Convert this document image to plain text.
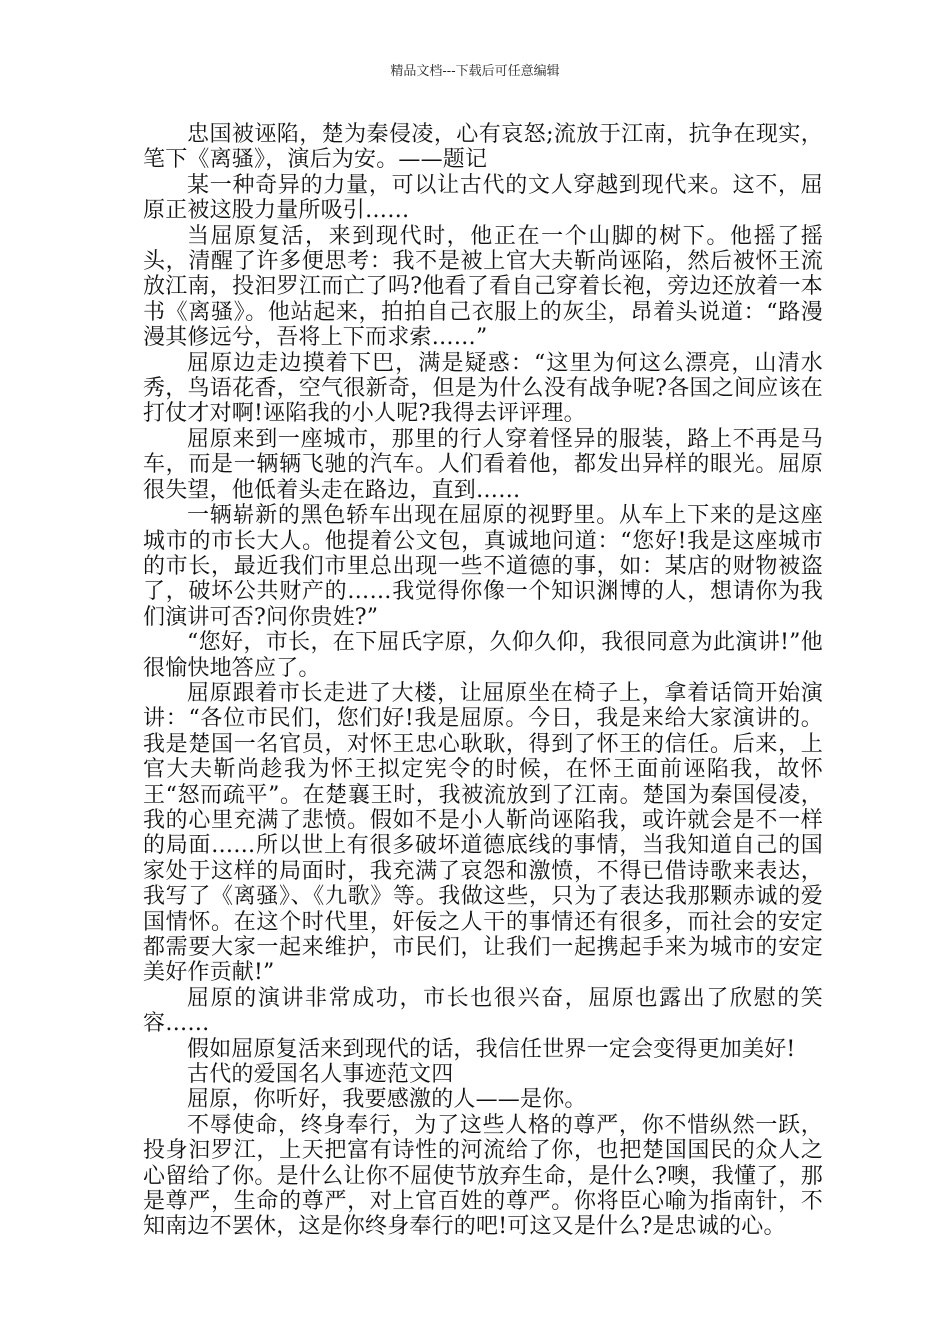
精品文档---下载后可任意编辑

忠国被诬陷，楚为秦侵凌，心有哀怒;流放于江南，抗争在现实，笔下《离骚》，演后为安。——题记

某一种奇异的力量，可以让古代的文人穿越到现代来。这不，屈原正被这股力量所吸引……

当屈原复活，来到现代时，他正在一个山脚的树下。他摇了摇头，清醒了许多便思考：我不是被上官大夫靳尚诬陷，然后被怀王流放江南，投汩罗江而亡了吗?他看了看自己穿着长袍，旁边还放着一本书《离骚》。他站起来，拍拍自己衣服上的灰尘，昂着头说道：“路漫漫其修远兮，吾将上下而求索……”

屈原边走边摸着下巴，满是疑惑：“这里为何这么漂亮，山清水秀，鸟语花香，空气很新奇，但是为什么没有战争呢?各国之间应该在打仗才对啊!诬陷我的小人呢?我得去评评理。

屈原来到一座城市，那里的行人穿着怪异的服装，路上不再是马车，而是一辆辆飞驰的汽车。人们看着他，都发出异样的眼光。屈原很失望，他低着头走在路边，直到……

一辆崭新的黑色轿车出现在屈原的视野里。从车上下来的是这座城市的市长大人。他提着公文包，真诚地问道：“您好!我是这座城市的市长，最近我们市里总出现一些不道德的事，如：某店的财物被盗了，破坏公共财产的……我觉得你像一个知识渊博的人，想请你为我们演讲可否?问你贵姓?”

“您好，市长，在下屈氏字原，久仰久仰，我很同意为此演讲!”他很愉快地答应了。

屈原跟着市长走进了大楼，让屈原坐在椅子上，拿着话筒开始演讲：“各位市民们，您们好!我是屈原。今日，我是来给大家演讲的。我是楚国一名官员，对怀王忠心耿耿，得到了怀王的信任。后来，上官大夫靳尚趁我为怀王拟定宪令的时候，在怀王面前诬陷我，故怀王“怒而疏平”。在楚襄王时，我被流放到了江南。楚国为秦国侵凌，我的心里充满了悲愤。假如不是小人靳尚诬陷我，或许就会是不一样的局面……所以世上有很多破坏道德底线的事情，当我知道自己的国家处于这样的局面时，我充满了哀怨和激愤，不得已借诗歌来表达，我写了《离骚》、《九歌》等。我做这些，只为了表达我那颗赤诚的爱国情怀。在这个时代里，奸佞之人干的事情还有很多，而社会的安定都需要大家一起来维护，市民们，让我们一起携起手来为城市的安定美好作贡献!”

屈原的演讲非常成功，市长也很兴奋，屈原也露出了欣慰的笑容……

假如屈原复活来到现代的话，我信任世界一定会变得更加美好!

古代的爱国名人事迹范文四

屈原，你听好，我要感激的人——是你。

不辱使命，终身奉行，为了这些人格的尊严，你不惜纵然一跃，投身汩罗江，上天把富有诗性的河流给了你，也把楚国国民的众人之心留给了你。是什么让你不屈使节放弃生命，是什么?噢，我懂了，那是尊严，生命的尊严，对上官百姓的尊严。你将臣心喻为指南针，不知南边不罢休，这是你终身奉行的吧!可这又是什么?是忠诚的心。
